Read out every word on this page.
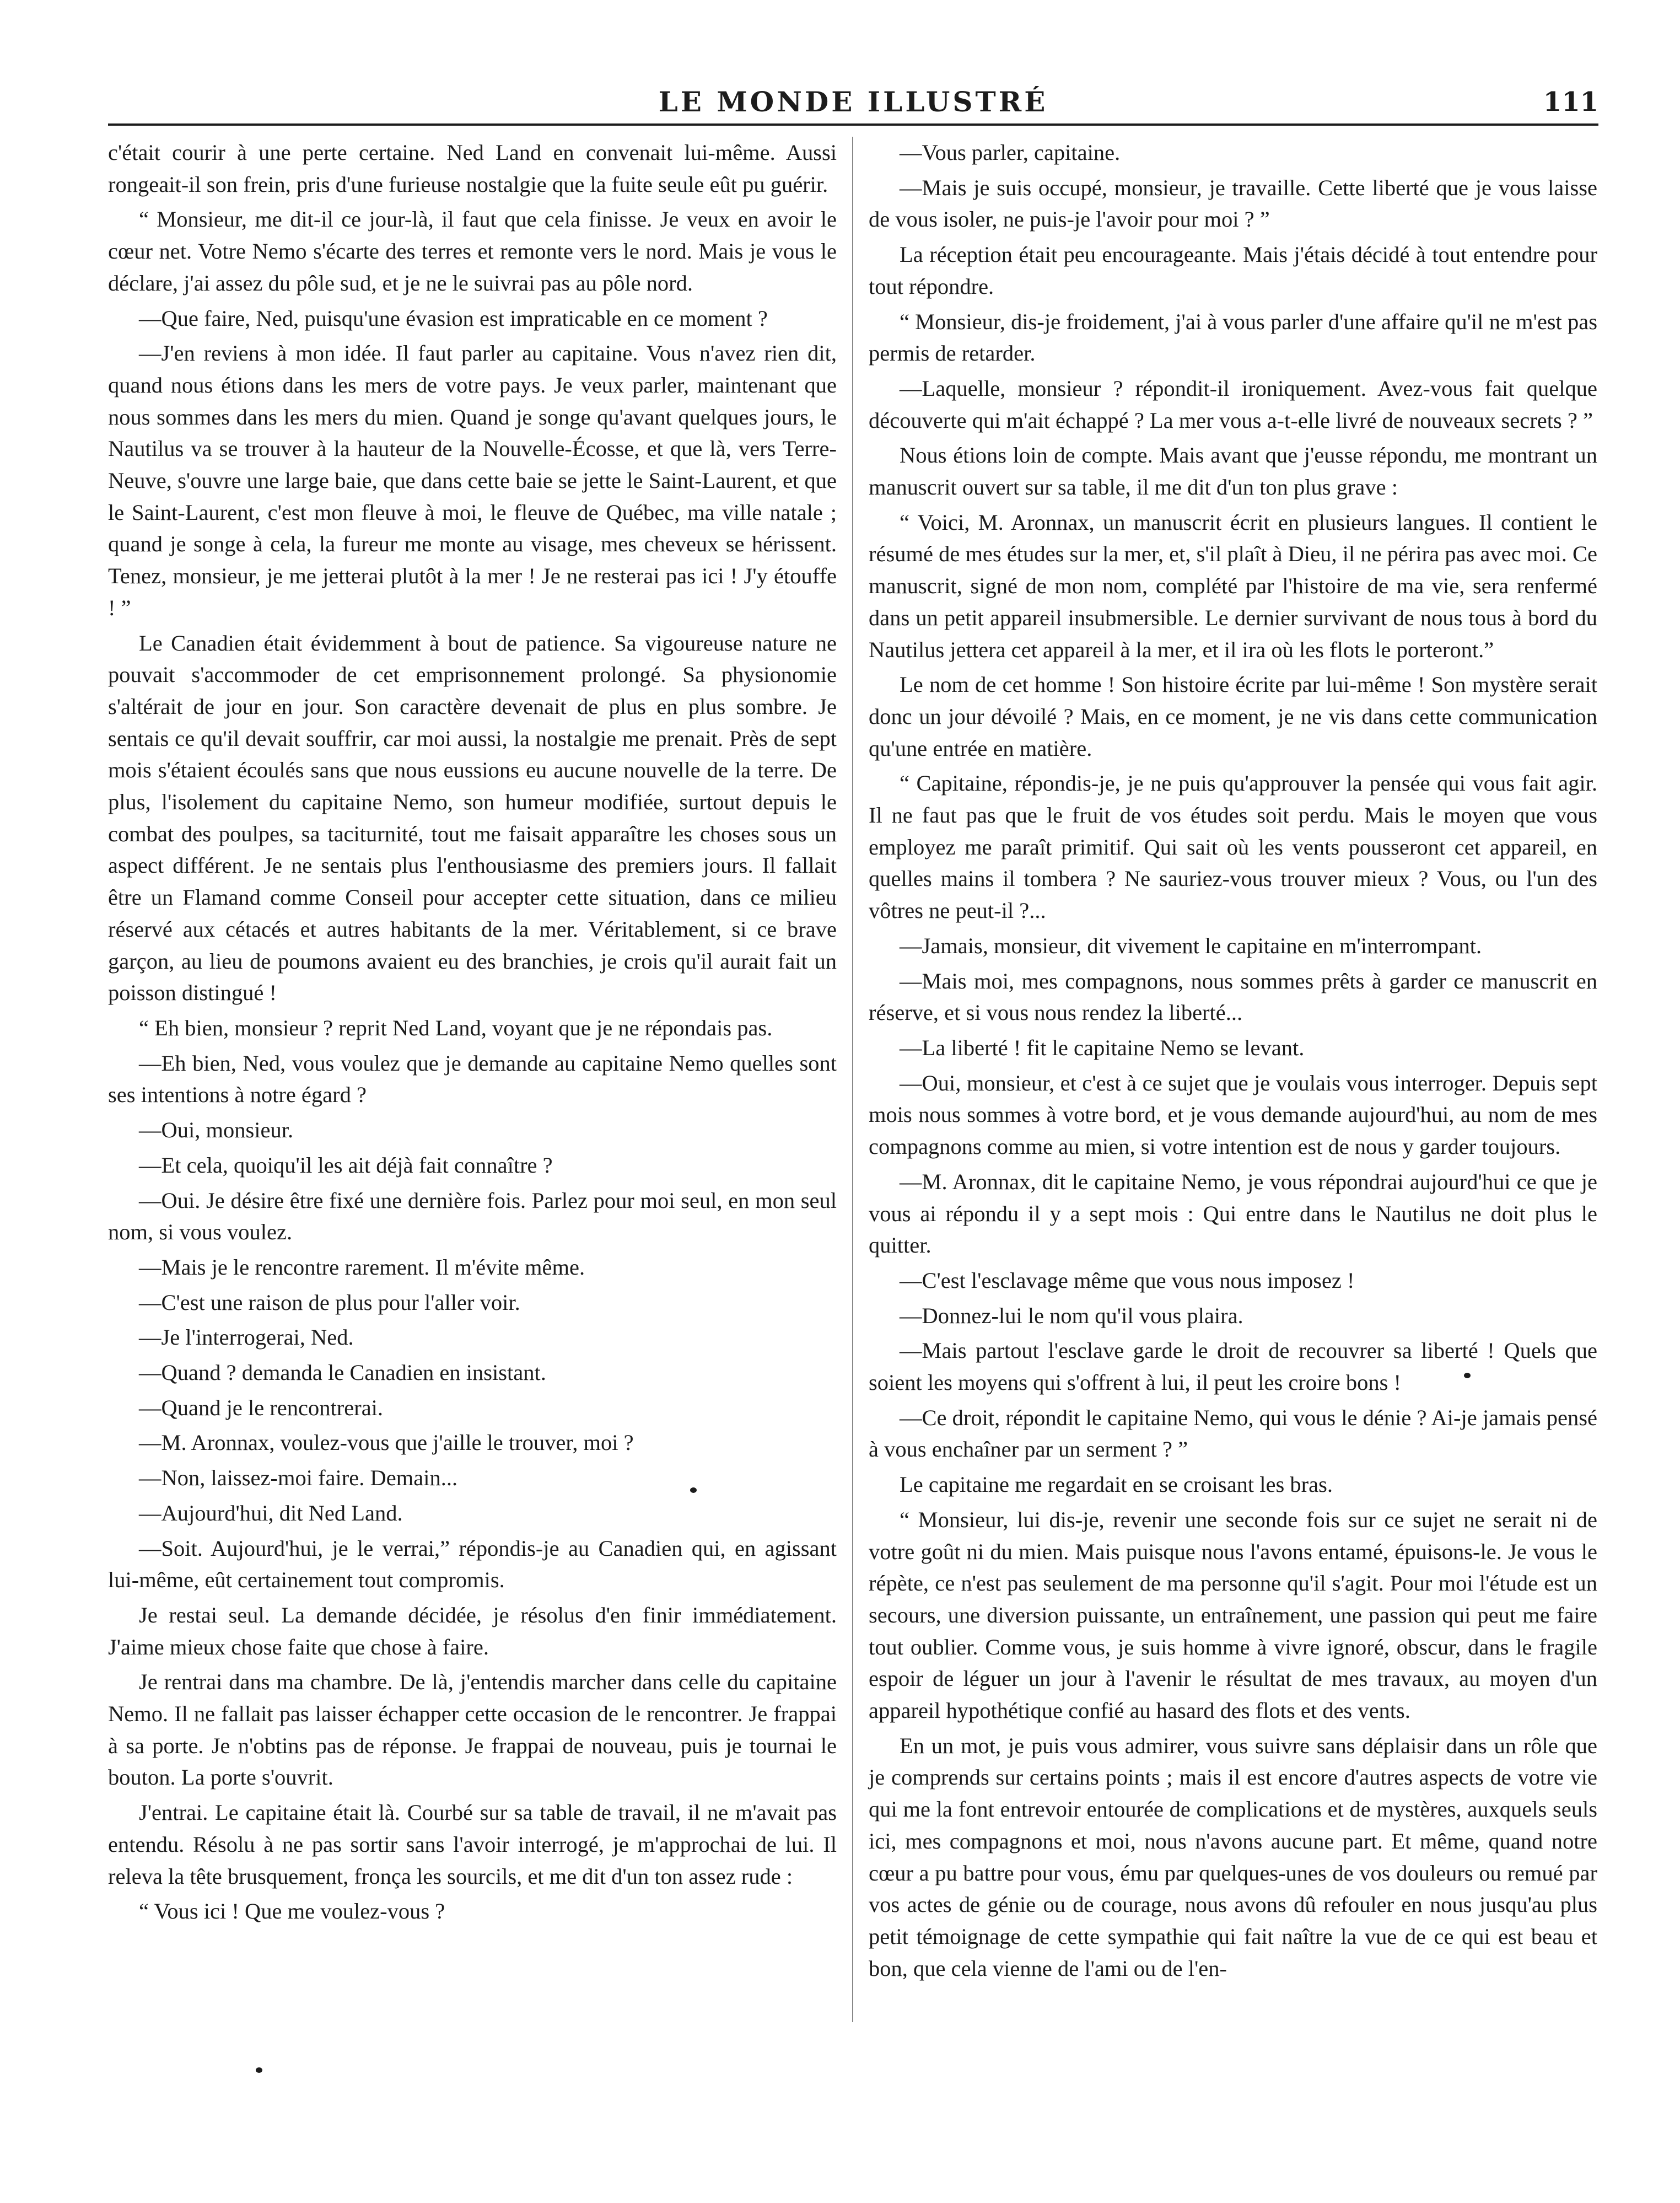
LE MONDE ILLUSTRÉ	111

c'était courir à une perte certaine. Ned Land en convenait lui-même. Aussi rongeait-il son frein, pris d'une furieuse nostalgie que la fuite seule eût pu guérir.

“ Monsieur, me dit-il ce jour-là, il faut que cela finisse. Je veux en avoir le cœur net. Votre Nemo s'écarte des terres et remonte vers le nord. Mais je vous le déclare, j'ai assez du pôle sud, et je ne le suivrai pas au pôle nord.

—Que faire, Ned, puisqu'une évasion est impraticable en ce moment ?

—J'en reviens à mon idée. Il faut parler au capitaine. Vous n'avez rien dit, quand nous étions dans les mers de votre pays. Je veux parler, maintenant que nous sommes dans les mers du mien. Quand je songe qu'avant quelques jours, le Nautilus va se trouver à la hauteur de la Nouvelle-Écosse, et que là, vers Terre-Neuve, s'ouvre une large baie, que dans cette baie se jette le Saint-Laurent, et que le Saint-Laurent, c'est mon fleuve à moi, le fleuve de Québec, ma ville natale ; quand je songe à cela, la fureur me monte au visage, mes cheveux se hérissent. Tenez, monsieur, je me jetterai plutôt à la mer ! Je ne resterai pas ici ! J'y étouffe ! ”

Le Canadien était évidemment à bout de patience. Sa vigoureuse nature ne pouvait s'accommoder de cet emprisonnement prolongé. Sa physionomie s'altérait de jour en jour. Son caractère devenait de plus en plus sombre. Je sentais ce qu'il devait souffrir, car moi aussi, la nostalgie me prenait. Près de sept mois s'étaient écoulés sans que nous eussions eu aucune nouvelle de la terre. De plus, l'isolement du capitaine Nemo, son humeur modifiée, surtout depuis le combat des poulpes, sa taciturnité, tout me faisait apparaître les choses sous un aspect différent. Je ne sentais plus l'enthousiasme des premiers jours. Il fallait être un Flamand comme Conseil pour accepter cette situation, dans ce milieu réservé aux cétacés et autres habitants de la mer. Véritablement, si ce brave garçon, au lieu de poumons avaient eu des branchies, je crois qu'il aurait fait un poisson distingué !

“ Eh bien, monsieur ? reprit Ned Land, voyant que je ne répondais pas.

—Eh bien, Ned, vous voulez que je demande au capitaine Nemo quelles sont ses intentions à notre égard ?

—Oui, monsieur.

—Et cela, quoiqu'il les ait déjà fait connaître ?

—Oui. Je désire être fixé une dernière fois. Parlez pour moi seul, en mon seul nom, si vous voulez.

—Mais je le rencontre rarement. Il m'évite même.

—C'est une raison de plus pour l'aller voir.

—Je l'interrogerai, Ned.

—Quand ? demanda le Canadien en insistant.

—Quand je le rencontrerai.

—M. Aronnax, voulez-vous que j'aille le trouver, moi ?

—Non, laissez-moi faire. Demain...

—Aujourd'hui, dit Ned Land.

—Soit. Aujourd'hui, je le verrai,” répondis-je au Canadien qui, en agissant lui-même, eût certainement tout compromis.

Je restai seul. La demande décidée, je résolus d'en finir immédiatement. J'aime mieux chose faite que chose à faire.

Je rentrai dans ma chambre. De là, j'entendis marcher dans celle du capitaine Nemo. Il ne fallait pas laisser échapper cette occasion de le rencontrer. Je frappai à sa porte. Je n'obtins pas de réponse. Je frappai de nouveau, puis je tournai le bouton. La porte s'ouvrit.

J'entrai. Le capitaine était là. Courbé sur sa table de travail, il ne m'avait pas entendu. Résolu à ne pas sortir sans l'avoir interrogé, je m'approchai de lui. Il releva la tête brusquement, fronça les sourcils, et me dit d'un ton assez rude :

“ Vous ici ! Que me voulez-vous ?

—Vous parler, capitaine.

—Mais je suis occupé, monsieur, je travaille. Cette liberté que je vous laisse de vous isoler, ne puis-je l'avoir pour moi ? ”

La réception était peu encourageante. Mais j'étais décidé à tout entendre pour tout répondre.

“ Monsieur, dis-je froidement, j'ai à vous parler d'une affaire qu'il ne m'est pas permis de retarder.

—Laquelle, monsieur ? répondit-il ironiquement. Avez-vous fait quelque découverte qui m'ait échappé ? La mer vous a-t-elle livré de nouveaux secrets ? ”

Nous étions loin de compte. Mais avant que j'eusse répondu, me montrant un manuscrit ouvert sur sa table, il me dit d'un ton plus grave :

“ Voici, M. Aronnax, un manuscrit écrit en plusieurs langues. Il contient le résumé de mes études sur la mer, et, s'il plaît à Dieu, il ne périra pas avec moi. Ce manuscrit, signé de mon nom, complété par l'histoire de ma vie, sera renfermé dans un petit appareil insubmersible. Le dernier survivant de nous tous à bord du Nautilus jettera cet appareil à la mer, et il ira où les flots le porteront.”

Le nom de cet homme ! Son histoire écrite par lui-même ! Son mystère serait donc un jour dévoilé ? Mais, en ce moment, je ne vis dans cette communication qu'une entrée en matière.

“ Capitaine, répondis-je, je ne puis qu'approuver la pensée qui vous fait agir. Il ne faut pas que le fruit de vos études soit perdu. Mais le moyen que vous employez me paraît primitif. Qui sait où les vents pousseront cet appareil, en quelles mains il tombera ? Ne sauriez-vous trouver mieux ? Vous, ou l'un des vôtres ne peut-il ?...

—Jamais, monsieur, dit vivement le capitaine en m'interrompant.

—Mais moi, mes compagnons, nous sommes prêts à garder ce manuscrit en réserve, et si vous nous rendez la liberté...

—La liberté ! fit le capitaine Nemo se levant.

—Oui, monsieur, et c'est à ce sujet que je voulais vous interroger. Depuis sept mois nous sommes à votre bord, et je vous demande aujourd'hui, au nom de mes compagnons comme au mien, si votre intention est de nous y garder toujours.

—M. Aronnax, dit le capitaine Nemo, je vous répondrai aujourd'hui ce que je vous ai répondu il y a sept mois : Qui entre dans le Nautilus ne doit plus le quitter.

—C'est l'esclavage même que vous nous imposez !

—Donnez-lui le nom qu'il vous plaira.

—Mais partout l'esclave garde le droit de recouvrer sa liberté ! Quels que soient les moyens qui s'offrent à lui, il peut les croire bons !

—Ce droit, répondit le capitaine Nemo, qui vous le dénie ? Ai-je jamais pensé à vous enchaîner par un serment ? ”

Le capitaine me regardait en se croisant les bras.

“ Monsieur, lui dis-je, revenir une seconde fois sur ce sujet ne serait ni de votre goût ni du mien. Mais puisque nous l'avons entamé, épuisons-le. Je vous le répète, ce n'est pas seulement de ma personne qu'il s'agit. Pour moi l'étude est un secours, une diversion puissante, un entraînement, une passion qui peut me faire tout oublier. Comme vous, je suis homme à vivre ignoré, obscur, dans le fragile espoir de léguer un jour à l'avenir le résultat de mes travaux, au moyen d'un appareil hypothétique confié au hasard des flots et des vents.

En un mot, je puis vous admirer, vous suivre sans déplaisir dans un rôle que je comprends sur certains points ; mais il est encore d'autres aspects de votre vie qui me la font entrevoir entourée de complications et de mystères, auxquels seuls ici, mes compagnons et moi, nous n'avons aucune part. Et même, quand notre cœur a pu battre pour vous, ému par quelques-unes de vos douleurs ou remué par vos actes de génie ou de courage, nous avons dû refouler en nous jusqu'au plus petit témoignage de cette sympathie qui fait naître la vue de ce qui est beau et bon, que cela vienne de l'ami ou de l'en-
